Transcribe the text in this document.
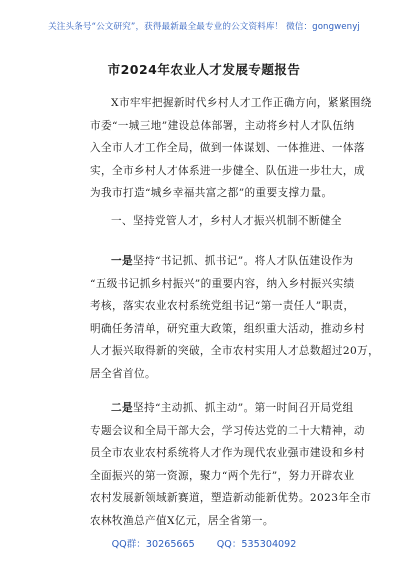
关注头条号“公文研究”，获得最新最全最专业的公文资料库！ 微信：gongwenyj
市2024年农业人才发展专题报告
X市牢牢把握新时代乡村人才工作正确方向，紧紧围绕
市委“一城三地”建设总体部署，主动将乡村人才队伍纳
入全市人才工作全局，做到一体谋划、一体推进、一体落
实，全市乡村人才体系进一步健全、队伍进一步壮大，成
为我市打造“城乡幸福共富之都”的重要支撑力量。
一、坚持党管人才，乡村人才振兴机制不断健全
一是坚持“书记抓、抓书记”。将人才队伍建设作为
“五级书记抓乡村振兴”的重要内容，纳入乡村振兴实绩
考核，落实农业农村系统党组书记“第一责任人”职责，
明确任务清单，研究重大政策，组织重大活动，推动乡村
人才振兴取得新的突破，全市农村实用人才总数超过20万，
居全省首位。
二是坚持“主动抓、抓主动”。第一时间召开局党组
专题会议和全局干部大会，学习传达党的二十大精神，动
员全市农业农村系统将人才作为现代农业强市建设和乡村
全面振兴的第一资源，聚力“两个先行”，努力开辟农业
农村发展新领域新赛道，塑造新动能新优势。2023年全市
农林牧渔总产值X亿元，居全省第一。
QQ群：30265665 QQ：535304092
